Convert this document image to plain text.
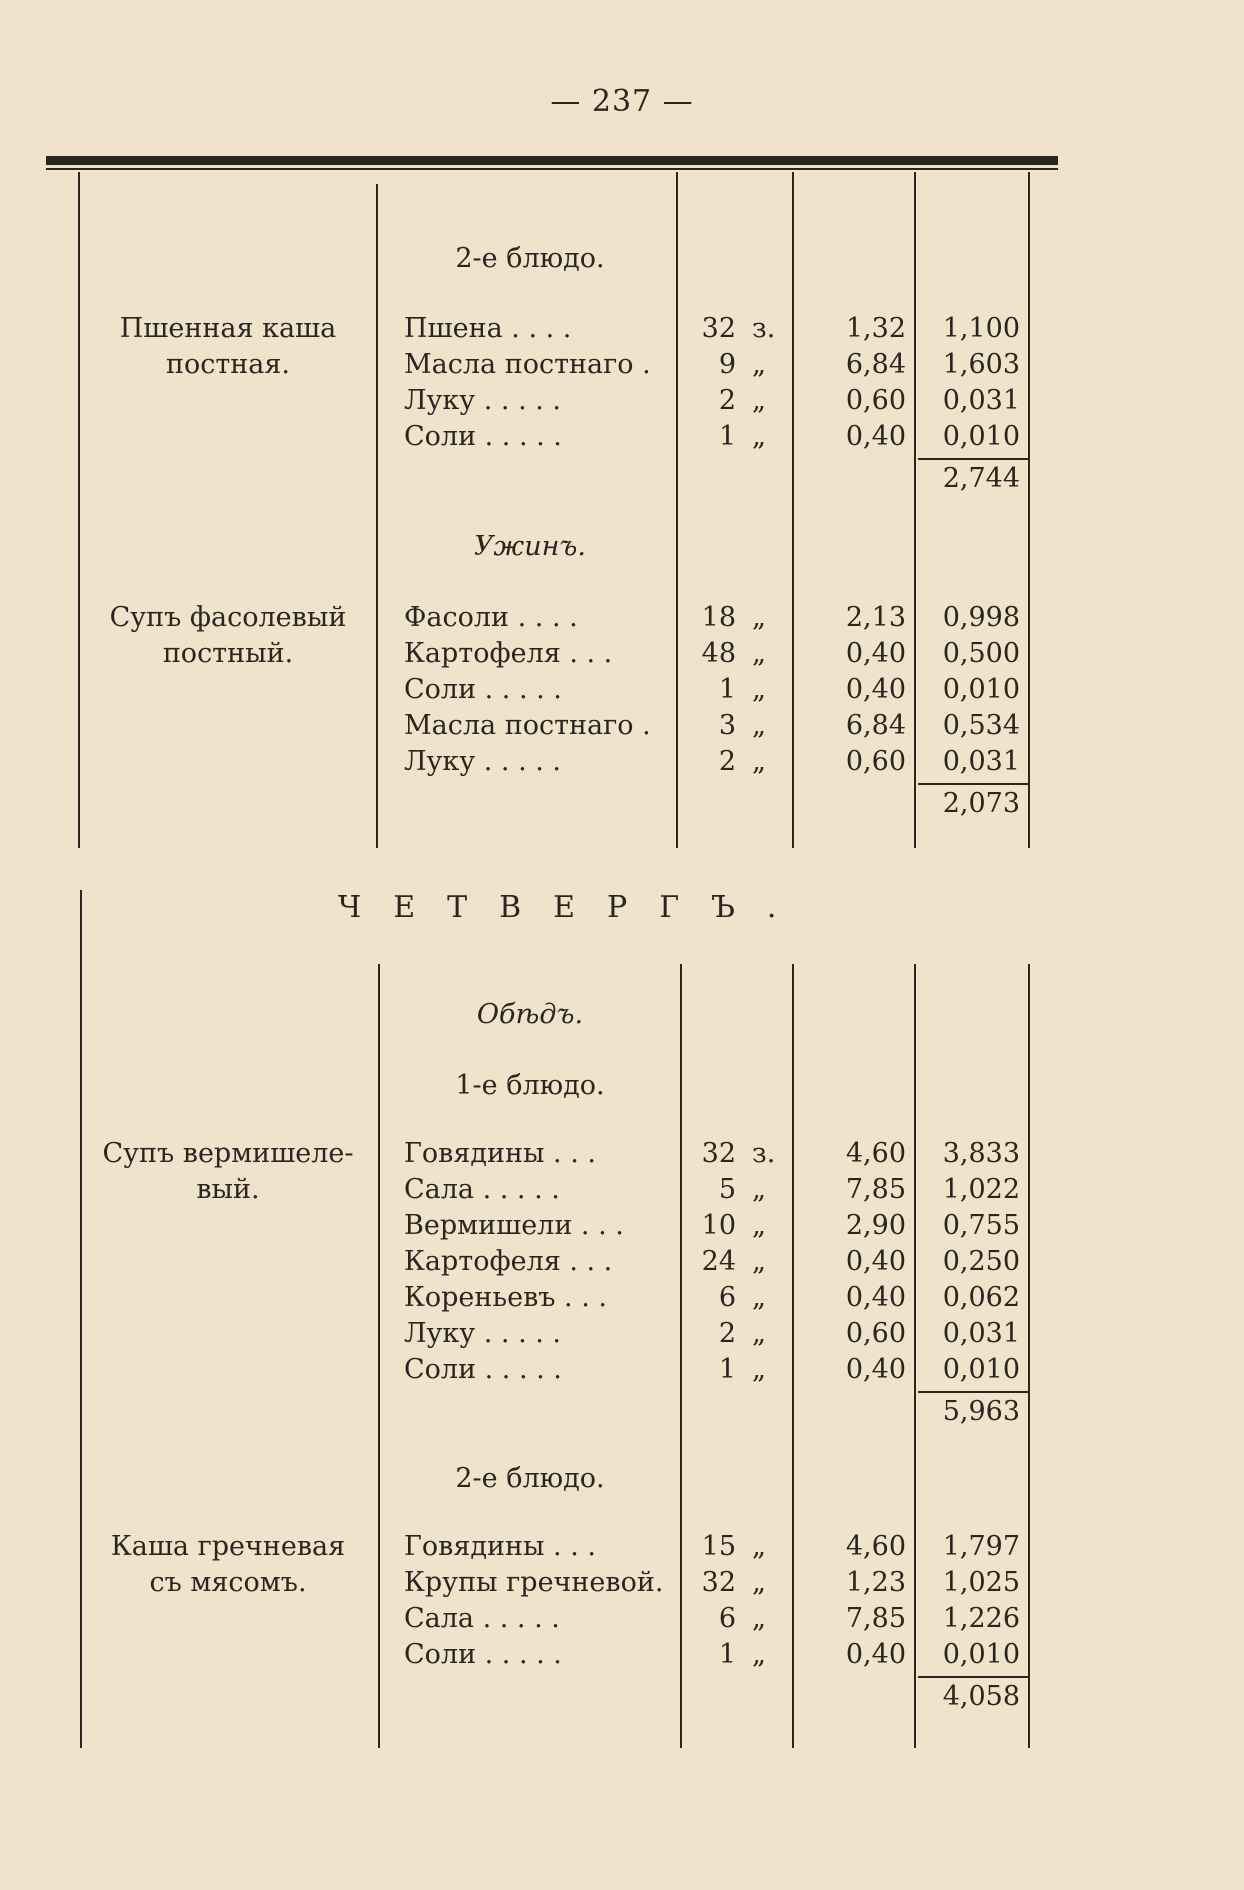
— 237 —
2-е блюдо.
Пшенная каша
постная.
Пшена . . . .	32 з.	1,32	1,100
Масла постнаго .	9 „	6,84	1,603
Луку . . . . .	2 „	0,60	0,031
Соли . . . . .	1 „	0,40	0,010
2,744
Ужинъ.
Супъ фасолевый
постный.
Фасоли . . . .	18 „	2,13	0,998
Картофеля . . .	48 „	0,40	0,500
Соли . . . . .	1 „	0,40	0,010
Масла постнаго .	3 „	6,84	0,534
Луку . . . . .	2 „	0,60	0,031
2,073
ЧЕТВЕРГЪ.
Обѣдъ.
1-е блюдо.
Супъ вермишеле-
вый.
Говядины . . .	32 з.	4,60	3,833
Сала . . . . .	5 „	7,85	1,022
Вермишели . . .	10 „	2,90	0,755
Картофеля . . .	24 „	0,40	0,250
Кореньевъ . . .	6 „	0,40	0,062
Луку . . . . .	2 „	0,60	0,031
Соли . . . . .	1 „	0,40	0,010
5,963
2-е блюдо.
Каша гречневая
съ мясомъ.
Говядины . . .	15 „	4,60	1,797
Крупы гречневой.	32 „	1,23	1,025
Сала . . . . .	6 „	7,85	1,226
Соли . . . . .	1 „	0,40	0,010
4,058
